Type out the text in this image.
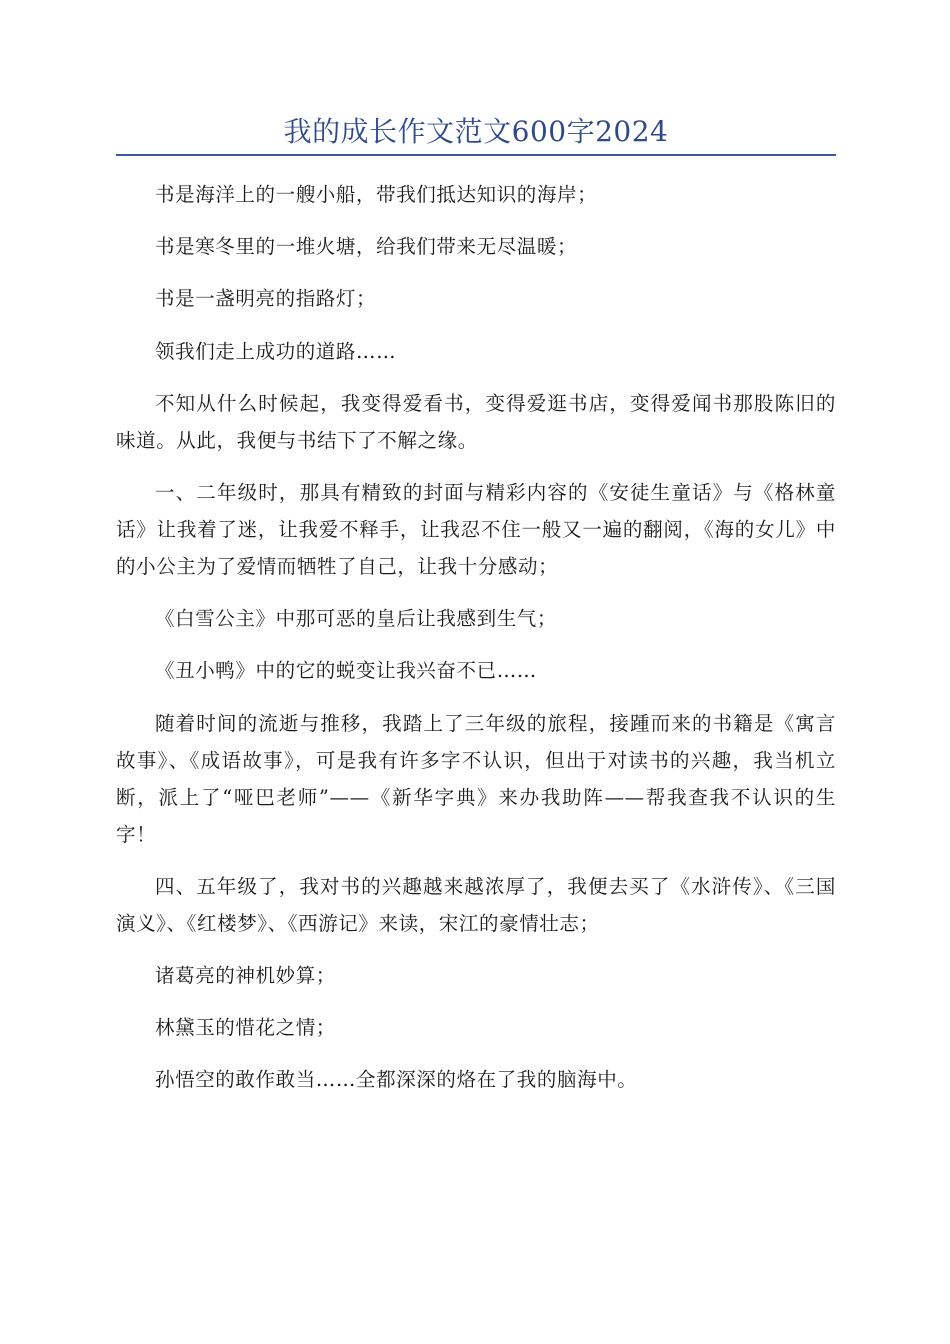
我的成长作文范文600字2024

书是海洋上的一艘小船，带我们抵达知识的海岸；

书是寒冬里的一堆火塘，给我们带来无尽温暖；

书是一盏明亮的指路灯；

领我们走上成功的道路……

不知从什么时候起，我变得爱看书，变得爱逛书店，变得爱闻书那股陈旧的味道。从此，我便与书结下了不解之缘。

一、二年级时，那具有精致的封面与精彩内容的《安徒生童话》与《格林童话》让我着了迷，让我爱不释手，让我忍不住一般又一遍的翻阅，《海的女儿》中的小公主为了爱情而牺牲了自己，让我十分感动；

《白雪公主》中那可恶的皇后让我感到生气；

《丑小鸭》中的它的蜕变让我兴奋不已……

随着时间的流逝与推移，我踏上了三年级的旅程，接踵而来的书籍是《寓言故事》、《成语故事》，可是我有许多字不认识，但出于对读书的兴趣，我当机立断，派上了“哑巴老师”——《新华字典》来办我助阵——帮我查我不认识的生字！

四、五年级了，我对书的兴趣越来越浓厚了，我便去买了《水浒传》、《三国演义》、《红楼梦》、《西游记》来读，宋江的豪情壮志；

诸葛亮的神机妙算；

林黛玉的惜花之情；

孙悟空的敢作敢当……全都深深的烙在了我的脑海中。
